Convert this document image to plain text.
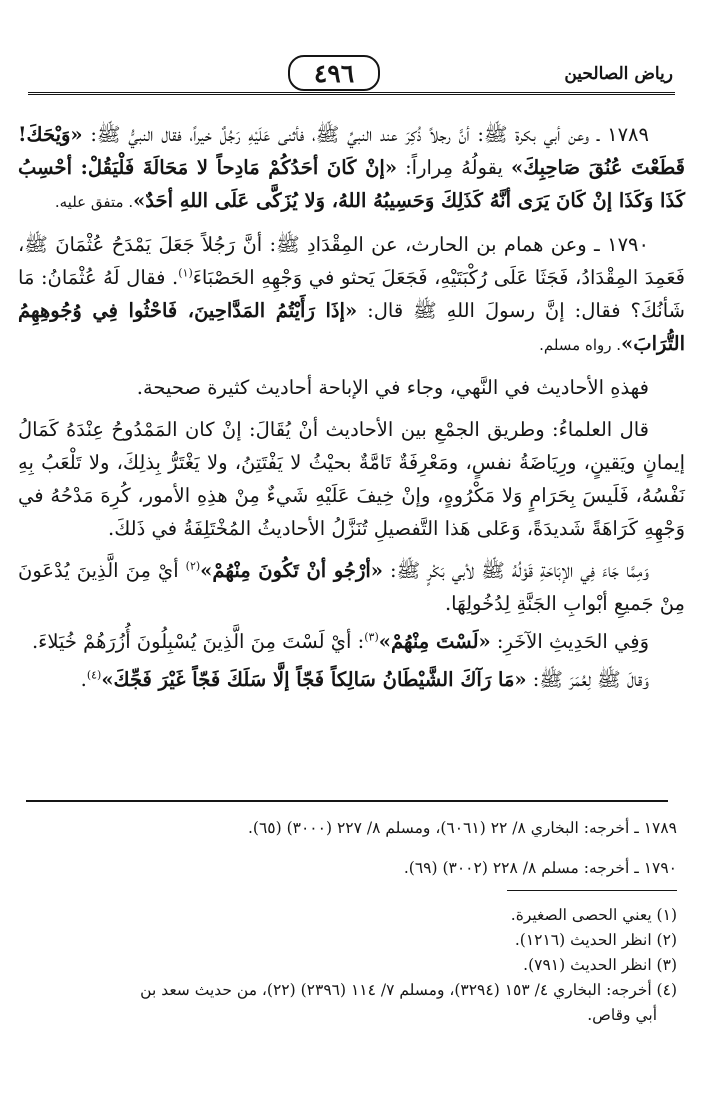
رياض الصالحين
٤٩٦

١٧٨٩ ـ وعن أبي بكرة ﷺ: أنَّ رجلاً ذُكِرَ عند النبيِّ ﷺ، فأثنى عَلَيْهِ رَجُلٌ خيراً، فقال النبيُّ ﷺ: «وَيْحَكَ! قَطَعْتَ عُنُقَ صَاحِبِكَ» يقولُهُ مِراراً: «إنْ كَانَ أحَدُكُمْ مَادِحاً لا مَحَالَةَ فَلْيَقُلْ: أحْسِبُ كَذَا وَكَذَا إنْ كَانَ يَرَى أنَّهُ كَذَلِكَ وَحَسِيبُهُ اللهُ، وَلا يُزَكَّى عَلَى اللهِ أحَدٌ». متفق عليه.

١٧٩٠ ـ وعن همام بن الحارث، عن المِقْدَادِ ﷺ: أنَّ رَجُلاً جَعَلَ يَمْدَحُ عُثْمَانَ ﷺ، فَعَمِدَ المِقْدَادُ، فَجَثَا عَلَى رُكْبَتَيْهِ، فَجَعَلَ يَحثو في وَجْهِهِ الحَصْبَاءَ$^{(١)}$. فقال لَهُ عُثْمَانُ: مَا شَأنُكَ؟ فقال: إنَّ رسولَ اللهِ ﷺ قال: «إذَا رَأَيْتُمُ المَدَّاحِينَ، فَاحْثُوا فِي وُجُوهِهِمُ التُّرَابَ». رواه مسلم.

فهذهِ الأحاديث في النَّهي، وجاء في الإباحة أحاديث كثيرة صحيحة.

قال العلماءُ: وطريق الجمْعِ بين الأحاديث أنْ يُقَالَ: إنْ كان المَمْدُوحُ عِنْدَهُ كَمَالُ إيمانٍ ويَقينٍ، ورِيَاضَةُ نفسٍ، ومَعْرِفَةٌ تَامَّةٌ بحيْثُ لا يَفْتَتِنُ، ولا يَغْتَرُّ بِذلِكَ، ولا تَلْعَبُ بِهِ نَفْسُهُ، فَلَيسَ بِحَرَامٍ وَلا مَكْرُوهٍ، وإنْ خِيفَ عَلَيْهِ شَيءٌ مِنْ هذِهِ الأمور، كُرِهَ مَدْحُهُ في وَجْهِهِ كَرَاهَةً شَديدَةً، وَعَلى هَذا التَّفصيلِ تُنَزَّلُ الأحاديثُ المُخْتَلِفَةُ في ذَلكَ.

وَمِمَّا جَاءَ فِي الإبَاحَةِ قَوْلُهُ ﷺ لأبي بَكْرٍ ﷺ: «أرْجُو أنْ تَكُونَ مِنْهُمْ»$^{(٢)}$ أيْ مِنَ الَّذِينَ يُدْعَونَ مِنْ جَميعِ أبْوابِ الجَنَّةِ لِدُخُولِهَا.

وَفِي الحَدِيثِ الآخَرِ: «لَسْتَ مِنْهُمْ»$^{(٣)}$: أيْ لَسْتَ مِنَ الَّذِينَ يُسْبِلُونَ أُزُرَهُمْ خُيَلاءَ.

وَقالَ ﷺ لِعُمَرَ ﷺ: «مَا رَآكَ الشَّيْطَانُ سَالِكاً فَجّاً إلَّا سَلَكَ فَجّاً غَيْرَ فَجِّكَ»$^{(٤)}$.

١٧٨٩ ـ أخرجه: البخاري ٨/ ٢٢ (٦٠٦١)، ومسلم ٨/ ٢٢٧ (٣٠٠٠) (٦٥).

١٧٩٠ ـ أخرجه: مسلم ٨/ ٢٢٨ (٣٠٠٢) (٦٩).

(١) يعني الحصى الصغيرة.

(٢) انظر الحديث (١٢١٦).

(٣) انظر الحديث (٧٩١).

(٤) أخرجه: البخاري ٤/ ١٥٣ (٣٢٩٤)، ومسلم ٧/ ١١٤ (٢٣٩٦) (٢٢)، من حديث سعد بن

أبي وقاص.
